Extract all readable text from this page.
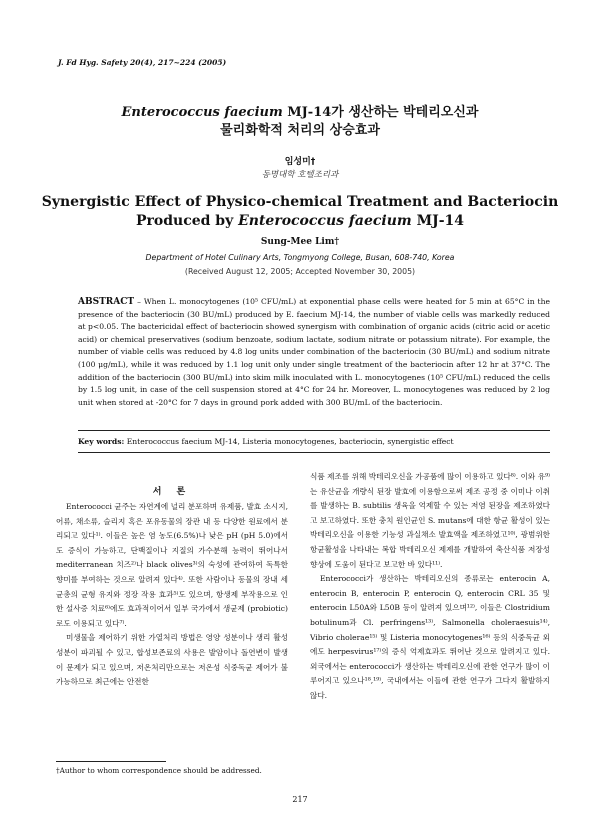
J. Fd Hyg. Safety 20(4), 217~224 (2005)
Enterococcus faecium MJ-14가 생산하는 박테리오신과
물리화학적 처리의 상승효과
임성미†
동명대학 호텔조리과
Synergistic Effect of Physico-chemical Treatment and Bacteriocin
Produced by Enterococcus faecium MJ-14
Sung-Mee Lim†
Department of Hotel Culinary Arts, Tongmyong College, Busan, 608-740, Korea
(Received August 12, 2005; Accepted November 30, 2005)
ABSTRACT – When L. monocytogenes (10⁵ CFU/mL) at exponential phase cells were heated for 5 min at 65°C in the presence of the bacteriocin (30 BU/mL) produced by E. faecium MJ-14, the number of viable cells was markedly reduced at p<0.05. The bactericidal effect of bacteriocin showed synergism with combination of organic acids (citric acid or acetic acid) or chemical preservatives (sodium benzoate, sodium lactate, sodium nitrate or potassium nitrate). For example, the number of viable cells was reduced by 4.8 log units under combination of the bacteriocin (30 BU/mL) and sodium nitrate (100 μg/mL), while it was reduced by 1.1 log unit only under single treatment of the bacteriocin after 12 hr at 37°C. The addition of the bacteriocin (300 BU/mL) into skim milk inoculated with L. monocytogenes (10⁵ CFU/mL) reduced the cells by 1.5 log unit, in case of the cell suspension stored at 4°C for 24 hr. Moreover, L. monocytogenes was reduced by 2 log unit when stored at -20°C for 7 days in ground pork added with 300 BU/mL of the bacteriocin.
Key words: Enterococcus faecium MJ-14, Listeria monocytogenes, bacteriocin, synergistic effect
서 론

Enterococci 균주는 자연계에 널리 분포하며 유제품, 발효 소시지, 어류, 채소류, 슬리지 혹은 포유동물의 장관 내 등 다양한 원료에서 분리되고 있다¹⁾. 이들은 높은 염 농도(6.5%)나 낮은 pH (pH 5.0)에서도 증식이 가능하고, 단백질이나 지질의 가수분해 능력이 뛰어나서 mediterranean 치즈²⁾나 black olives³⁾의 숙성에 관여하여 독특한 향미를 부여하는 것으로 알려져 있다⁴⁾. 또한 사람이나 동물의 장내 세균총의 균형 유지와 정장 작용 효과⁵⁾도 있으며, 항생제 부작용으로 인한 설사증 치료⁶⁾에도 효과적이어서 일부 국가에서 생균제 (probiotic)로도 이용되고 있다⁷⁾.

미생물을 제어하기 위한 가열처리 방법은 영양 성분이나 생리 활성 성분이 파괴될 수 있고, 합성보존료의 사용은 발암이나 돌연변이 발생이 문제가 되고 있으며, 저온처리만으로는 저온성 식중독균 제어가 불가능하므로 최근에는 안전한

식품 제조를 위해 박테리오신을 가공품에 많이 이용하고 있다⁸⁾. 이와 유⁹⁾는 유산균을 개량식 된장 발효에 이용함으로써 제조 공정 중 이미나 이취를 발생하는 B. subtilis 생육을 억제할 수 있는 저염 된장을 제조하였다고 보고하였다. 또한 충치 원인균인 S. mutans에 대한 항균 활성이 있는 박테리오신을 이용한 기능성 과실채소 발효액을 제조하였고¹⁰⁾, 광범위한 항균활성을 나타내는 복합 박테리오신 제제를 개발하여 축산식품 저장성 향상에 도움이 된다고 보고한 바 있다¹¹⁾.

Enterococci가 생산하는 박테리오신의 종류로는 enterocin A, enterocin B, enterocin P, enterocin Q, enterocin CRL 35 및 enterocin L50A와 L50B 등이 알려져 있으며¹²⁾, 이들은 Clostridium botulinum과 Cl. perfringens¹³⁾, Salmonella choleraesuis¹⁴⁾, Vibrio cholerae¹⁵⁾ 및 Listeria monocytogenes¹⁶⁾ 등의 식중독균 외에도 herpesvirus¹⁷⁾의 증식 억제효과도 뛰어난 것으로 알려지고 있다. 외국에서는 enterococci가 생산하는 박테리오신에 관한 연구가 많이 이루어지고 있으나¹⁸,¹⁹⁾, 국내에서는 이들에 관한 연구가 그다지 활발하지 않다.

†Author to whom correspondence should be addressed.
217
